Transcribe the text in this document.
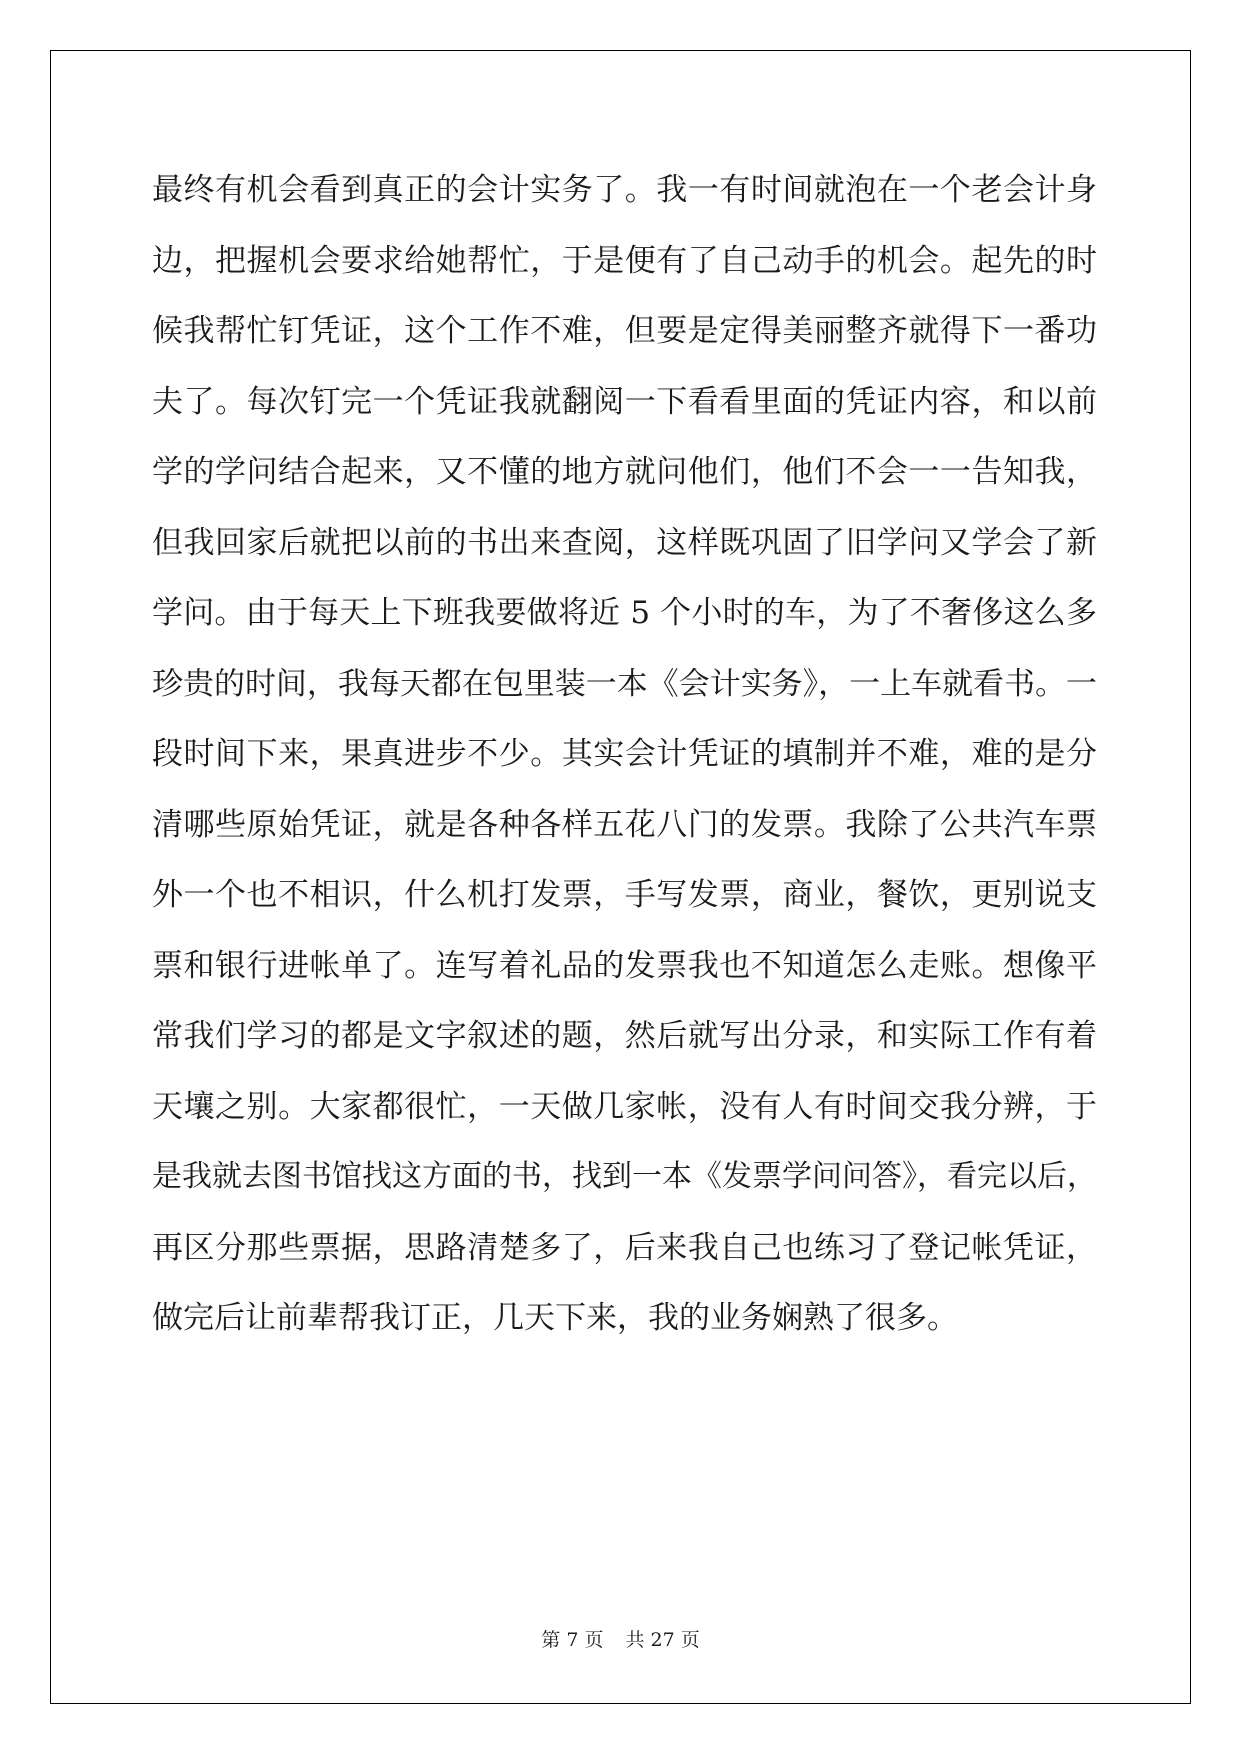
最终有机会看到真正的会计实务了。我一有时间就泡在一个老会计身
边，把握机会要求给她帮忙，于是便有了自己动手的机会。起先的时
候我帮忙钉凭证，这个工作不难，但要是定得美丽整齐就得下一番功
夫了。每次钉完一个凭证我就翻阅一下看看里面的凭证内容，和以前
学的学问结合起来，又不懂的地方就问他们，他们不会一一告知我，
但我回家后就把以前的书出来查阅，这样既巩固了旧学问又学会了新
学问。由于每天上下班我要做将近 5 个小时的车，为了不奢侈这么多
珍贵的时间，我每天都在包里装一本《会计实务》，一上车就看书。一
段时间下来，果真进步不少。其实会计凭证的填制并不难，难的是分
清哪些原始凭证，就是各种各样五花八门的发票。我除了公共汽车票
外一个也不相识，什么机打发票，手写发票，商业，餐饮，更别说支
票和银行进帐单了。连写着礼品的发票我也不知道怎么走账。想像平
常我们学习的都是文字叙述的题，然后就写出分录，和实际工作有着
天壤之别。大家都很忙，一天做几家帐，没有人有时间交我分辨，于
是我就去图书馆找这方面的书，找到一本《发票学问问答》，看完以后，
再区分那些票据，思路清楚多了，后来我自己也练习了登记帐凭证，
做完后让前辈帮我订正，几天下来，我的业务娴熟了很多。
第 7 页 共 27 页
